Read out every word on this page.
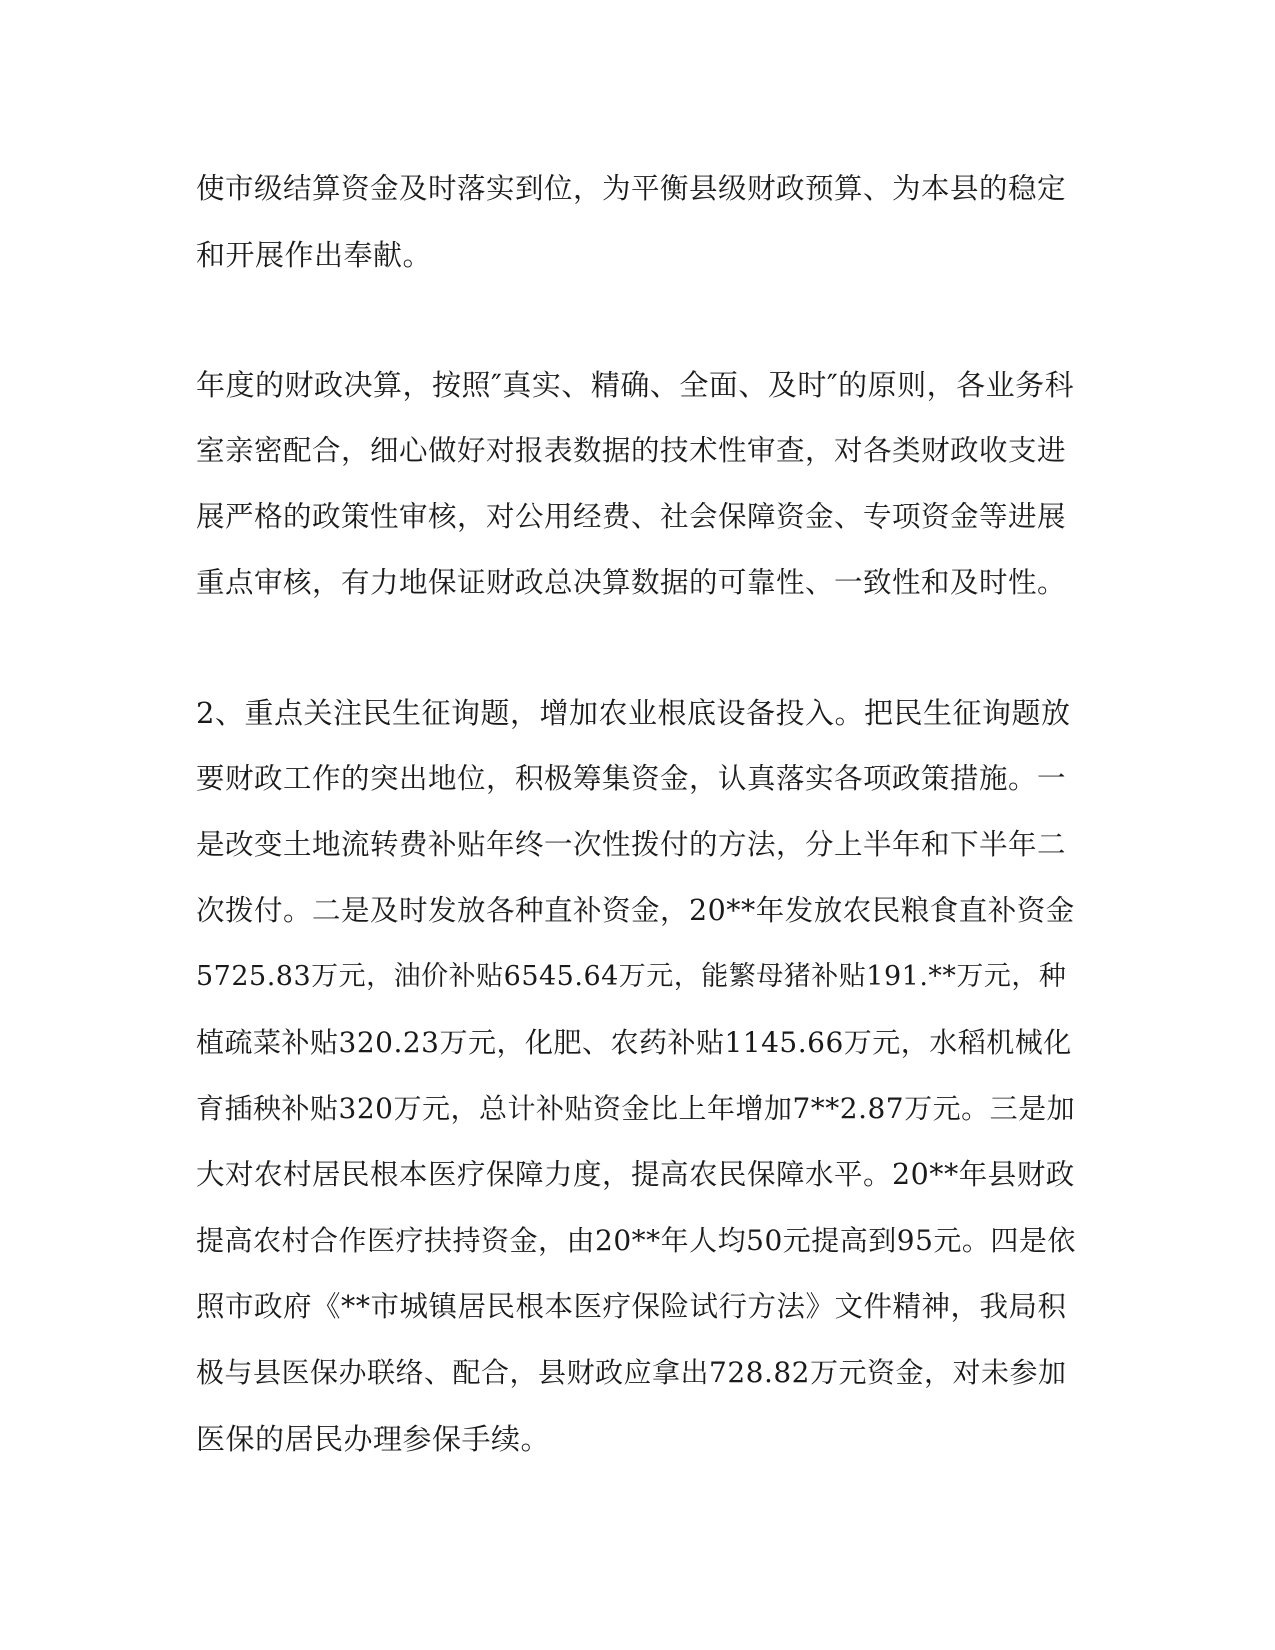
使市级结算资金及时落实到位，为平衡县级财政预算、为本县的稳定
和开展作出奉献。
年度的财政决算，按照″真实、精确、全面、及时″的原则，各业务科
室亲密配合，细心做好对报表数据的技术性审查，对各类财政收支进
展严格的政策性审核，对公用经费、社会保障资金、专项资金等进展
重点审核，有力地保证财政总决算数据的可靠性、一致性和及时性。
2、重点关注民生征询题，增加农业根底设备投入。把民生征询题放
要财政工作的突出地位，积极筹集资金，认真落实各项政策措施。一
是改变土地流转费补贴年终一次性拨付的方法，分上半年和下半年二
次拨付。二是及时发放各种直补资金，20**年发放农民粮食直补资金
5725.83万元，油价补贴6545.64万元，能繁母猪补贴191.**万元，种
植疏菜补贴320.23万元，化肥、农药补贴1145.66万元，水稻机械化
育插秧补贴320万元，总计补贴资金比上年增加7**2.87万元。三是加
大对农村居民根本医疗保障力度，提高农民保障水平。20**年县财政
提高农村合作医疗扶持资金，由20**年人均50元提高到95元。四是依
照市政府《**市城镇居民根本医疗保险试行方法》文件精神，我局积
极与县医保办联络、配合，县财政应拿出728.82万元资金，对未参加
医保的居民办理参保手续。
